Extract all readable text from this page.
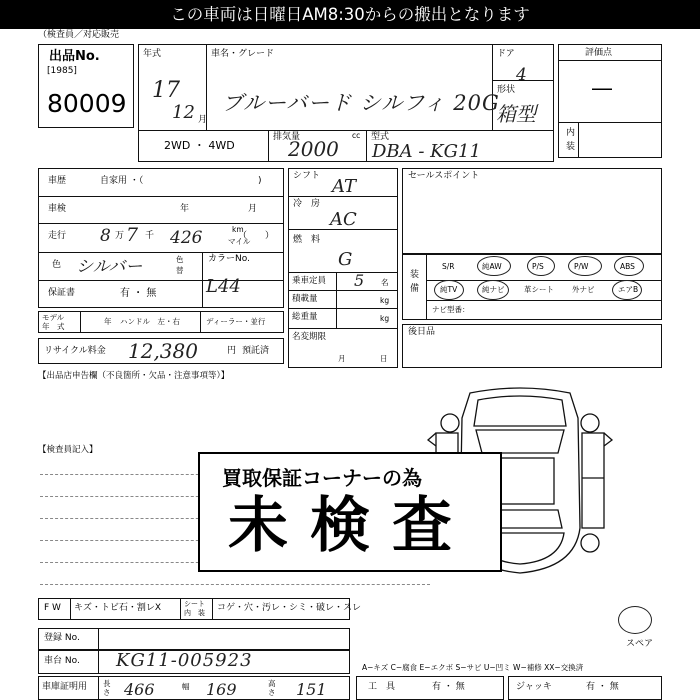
この車両は日曜日AM8:30からの搬出となります
（検査員／对応販売
出品No.
[1985]
80009
年式
17
12 月
車名・グレード
ブルーバード シルフィ 20G
ドア
4
形状
箱型
2WD ・ 4WD
排気量	cc
2000	型式
DBA - KG11
評価点
―
内装
車歴	自家用 ・（	)
車検	年	月
走行 8 万 7 千 426	km
マイル
（　　）
色 シルバー	色
替
カラーNo.
L44
保証書	有 ・ 無
モデル
年　式
年 ハンドル　左・右	ディーラー・並行
リサイクル料金 12,380	円 預託済
シフト AT
冷　房
AC
燃　料
G
乗車定員 5 名
積載量	kg
総重量	kg
名変期限
月	日
セールスポイント
装
備
S/R	純AW	P/S	P/W	ABS
純TV	純ナビ	革シート 外ナビ	エアB
ナビ型番：
後日品
【出品店申告欄（不良箇所・欠品・注意事項等）】
【検査員記入】
スペア
買取保証コーナーの為
未検査
F W キズ・トビ石・割レX	シート
内　装 コゲ・穴・汚レ・シミ・破レ・スレ
登録 No.
車台 No. KG11-005923	A−キズ C−腐食 E−エクボ S−サビ U−凹ミ W−補修 XX−交換済
車庫証明用 長さ 466	幅 169	高さ 151	工　具	有 ・ 無	ジャッキ	有 ・ 無
